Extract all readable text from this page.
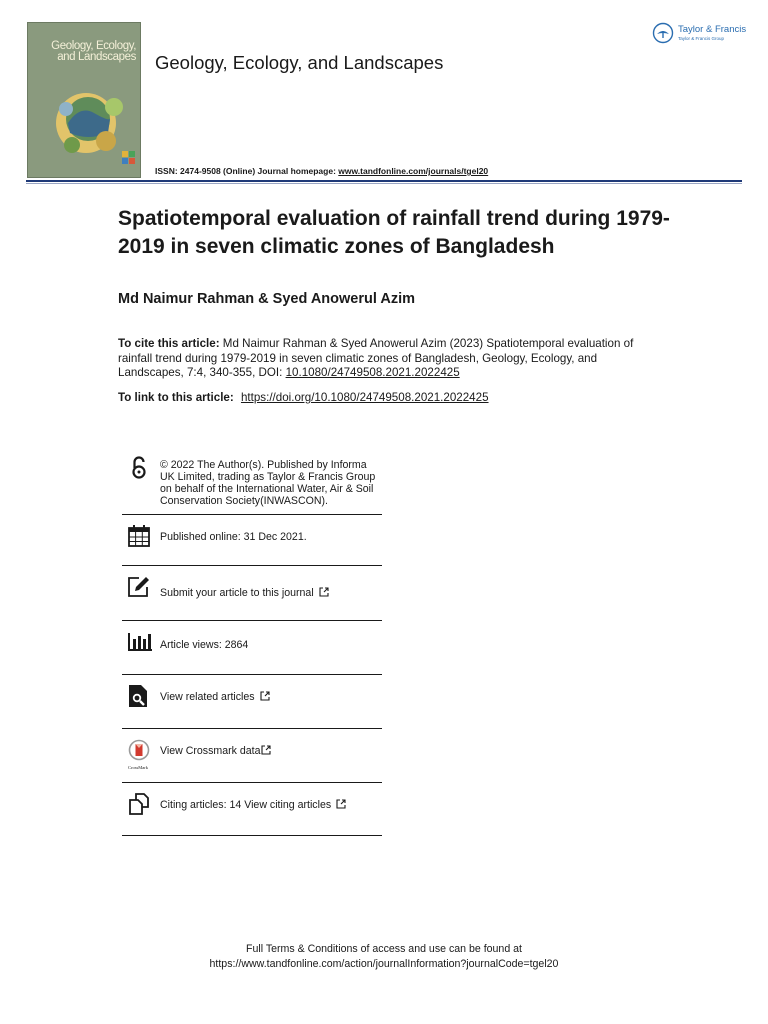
Geology, Ecology,
and Landscapes Geology, Ecology, and Landscapes
Taylor & Francis
Taylor & Francis Group
ISSN: 2474-9508 (Online) Journal homepage: www.tandfonline.com/journals/tgel20
Spatiotemporal evaluation of rainfall trend during 1979-2019 in seven climatic zones of Bangladesh
Md Naimur Rahman & Syed Anowerul Azim
To cite this article: Md Naimur Rahman & Syed Anowerul Azim (2023) Spatiotemporal evaluation of rainfall trend during 1979-2019 in seven climatic zones of Bangladesh, Geology, Ecology, and Landscapes, 7:4, 340-355, DOI: 10.1080/24749508.2021.2022425
To link to this article: https://doi.org/10.1080/24749508.2021.2022425
© 2022 The Author(s). Published by Informa UK Limited, trading as Taylor & Francis Group on behalf of the International Water, Air & Soil Conservation Society(INWASCON).
Published online: 31 Dec 2021.
Submit your article to this journal
Article views: 2864
View related articles
CrossMark
View Crossmark data
Citing articles: 14 View citing articles
Full Terms & Conditions of access and use can be found at
https://www.tandfonline.com/action/journalInformation?journalCode=tgel20
